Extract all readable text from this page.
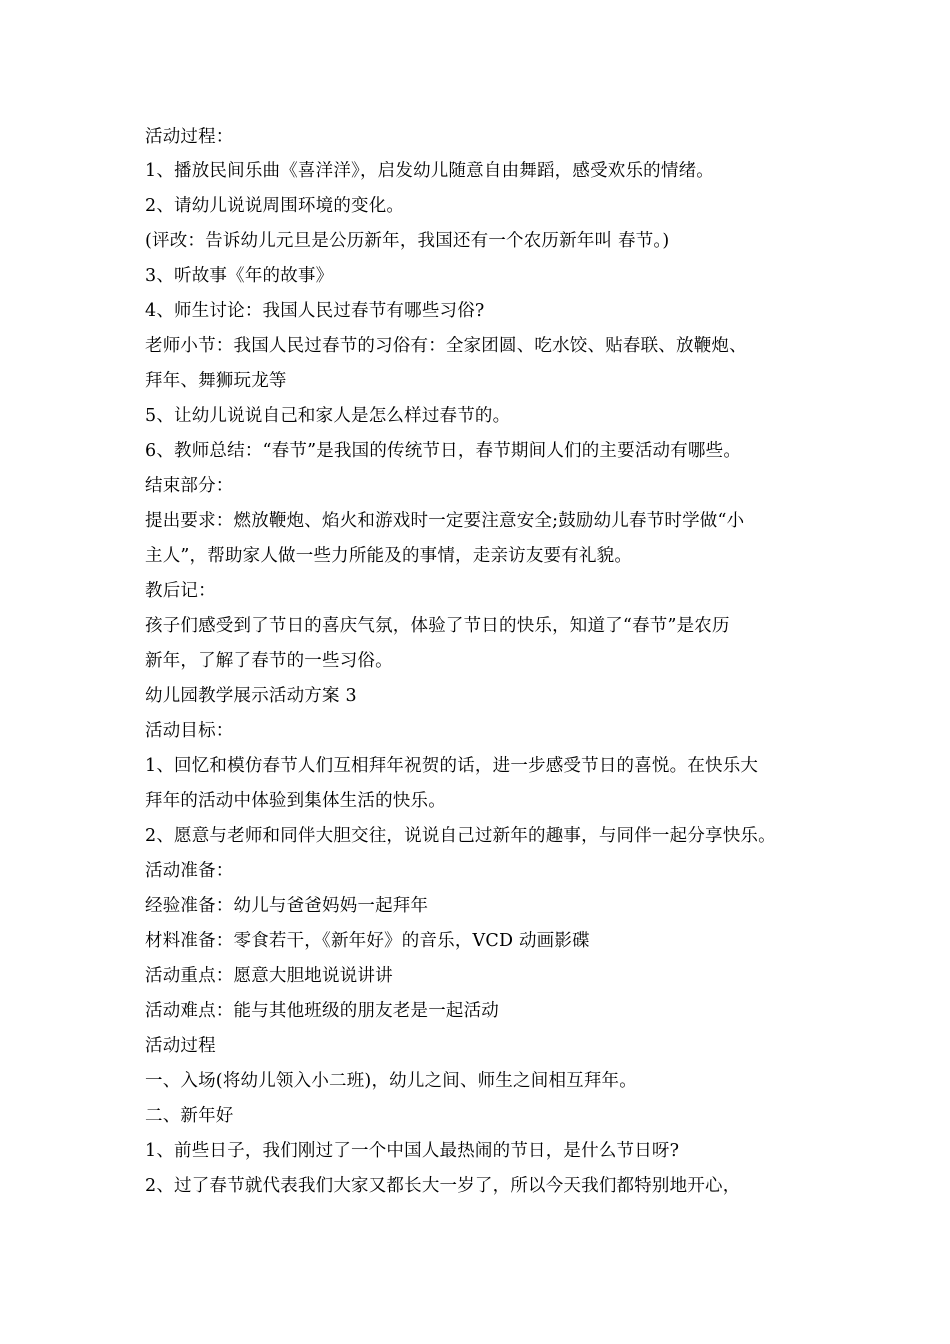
活动过程：
1、播放民间乐曲《喜洋洋》，启发幼儿随意自由舞蹈，感受欢乐的情绪。
2、请幼儿说说周围环境的变化。
(评改：告诉幼儿元旦是公历新年，我国还有一个农历新年叫 春节。)
3、听故事《年的故事》
4、师生讨论：我国人民过春节有哪些习俗?
老师小节：我国人民过春节的习俗有：全家团圆、吃水饺、贴春联、放鞭炮、
拜年、舞狮玩龙等
5、让幼儿说说自己和家人是怎么样过春节的。
6、教师总结：“春节”是我国的传统节日，春节期间人们的主要活动有哪些。
结束部分：
提出要求：燃放鞭炮、焰火和游戏时一定要注意安全;鼓励幼儿春节时学做“小
主人”，帮助家人做一些力所能及的事情，走亲访友要有礼貌。
教后记：
孩子们感受到了节日的喜庆气氛，体验了节日的快乐，知道了“春节”是农历
新年，了解了春节的一些习俗。
幼儿园教学展示活动方案 3
活动目标：
1、回忆和模仿春节人们互相拜年祝贺的话，进一步感受节日的喜悦。在快乐大
拜年的活动中体验到集体生活的快乐。
2、愿意与老师和同伴大胆交往，说说自己过新年的趣事，与同伴一起分享快乐。
活动准备：
经验准备：幼儿与爸爸妈妈一起拜年
材料准备：零食若干，《新年好》的音乐，VCD 动画影碟
活动重点：愿意大胆地说说讲讲
活动难点：能与其他班级的朋友老是一起活动
活动过程
一、入场(将幼儿领入小二班)，幼儿之间、师生之间相互拜年。
二、新年好
1、前些日子，我们刚过了一个中国人最热闹的节日，是什么节日呀?
2、过了春节就代表我们大家又都长大一岁了，所以今天我们都特别地开心，
